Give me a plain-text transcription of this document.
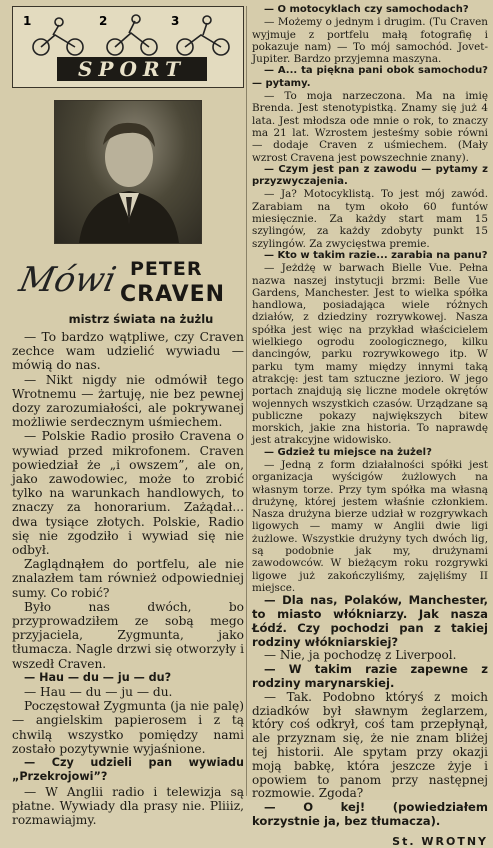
1	2	3
SPORT
Mówi PETER
CRAVEN
mistrz świata na żużlu

— To bardzo wątpliwe, czy Craven zechce wam udzielić wywiadu — mówią do nas.

— Nikt nigdy nie odmówił tego Wrotnemu — żartuję, nie bez pewnej dozy zarozumiałości, ale pokrywanej możliwie serdecznym uśmiechem.

— Polskie Radio prosiło Cravena o wywiad przed mikrofonem. Craven powiedział że „i owszem”, ale on, jako zawodowiec, może to zrobić tylko na warunkach handlowych, to znaczy za honorarium. Zażądał... dwa tysiące złotych. Polskie, Radio się nie zgodziło i wywiad się nie odbył.

Zaglądnąłem do portfelu, ale nie znalazłem tam również odpowiedniej sumy. Co robić?

Było nas dwóch, bo przyprowadziłem ze sobą mego przyjaciela, Zygmunta, jako tłumacza. Nagle drzwi się otworzyły i wszedł Craven.

— Hau — du — ju — du?

— Hau — du — ju — du.

Poczęstował Zygmunta (ja nie palę) — angielskim papierosem i z tą chwilą wszystko pomiędzy nami zostało pozytywnie wyjaśnione.

— Czy udzieli pan wywiadu „Przekrojowi”?

— W Anglii radio i telewizja są płatne. Wywiady dla prasy nie. Pliiiz, rozmawiajmy.

— O motocyklach czy samochodach?

— Możemy o jednym i drugim. (Tu Craven wyjmuje z portfelu małą fotografię i pokazuje nam) — To mój samochód. Jovet-Jupiter. Bardzo przyjemna maszyna.

— A... ta piękna pani obok samochodu? — pytamy.

— To moja narzeczona. Ma na imię Brenda. Jest stenotypistką. Znamy się już 4 lata. Jest młodsza ode mnie o rok, to znaczy ma 21 lat. Wzrostem jesteśmy sobie równi — dodaje Craven z uśmiechem. (Mały wzrost Cravena jest powszechnie znany).

— Czym jest pan z zawodu — pytamy z przyzwyczajenia.

— Ja? Motocyklistą. To jest mój zawód. Zarabiam na tym około 60 funtów miesięcznie. Za każdy start mam 15 szylingów, za każdy zdobyty punkt 15 szylingów. Za zwycięstwa premie.

— Kto w takim razie... zarabia na panu?

— Jeżdżę w barwach Bielle Vue. Pełna nazwa naszej instytucji brzmi: Belle Vue Gardens, Manchester. Jest to wielka spółka handlowa, posiadająca wiele różnych działów, z dziedziny rozrywkowej. Nasza spółka jest więc na przykład właścicielem wielkiego ogrodu zoologicznego, kilku dancingów, parku rozrywkowego itp. W parku tym mamy między innymi taką atrakcję: jest tam sztuczne jezioro. W jego portach znajdują się liczne modele okrętów wojennych wszystkich czasów. Urządzane są publiczne pokazy największych bitew morskich, jakie zna historia. To naprawdę jest atrakcyjne widowisko.

— Gdzież tu miejsce na żużel?

— Jedną z form działalności spółki jest organizacja wyścigów żużlowych na własnym torze. Przy tym spółka ma własną drużynę, której jestem właśnie członkiem. Nasza drużyna bierze udział w rozgrywkach ligowych — mamy w Anglii dwie ligi żużlowe. Wszystkie drużyny tych dwóch lig, są podobnie jak my, drużynami zawodowców. W bieżącym roku rozgrywki ligowe już zakończyliśmy, zajęliśmy II miejsce.

— Dla nas, Polaków, Manchester, to miasto włókniarzy. Jak nasza Łódź. Czy pochodzi pan z takiej rodziny włókniarskiej?

— Nie, ja pochodzę z Liverpool.

— W takim razie zapewne z rodziny marynarskiej.

— Tak. Podobno któryś z moich dziadków był sławnym żeglarzem, który coś odkrył, coś tam przepłynął, ale przyznam się, że nie znam bliżej tej historii. Ale spytam przy okazji moją babkę, która jeszcze żyje i opowiem to panom przy następnej rozmowie. Zgoda?

— O kej! (powiedziałem korzystnie ja, bez tłumacza).

St. WROTNY
